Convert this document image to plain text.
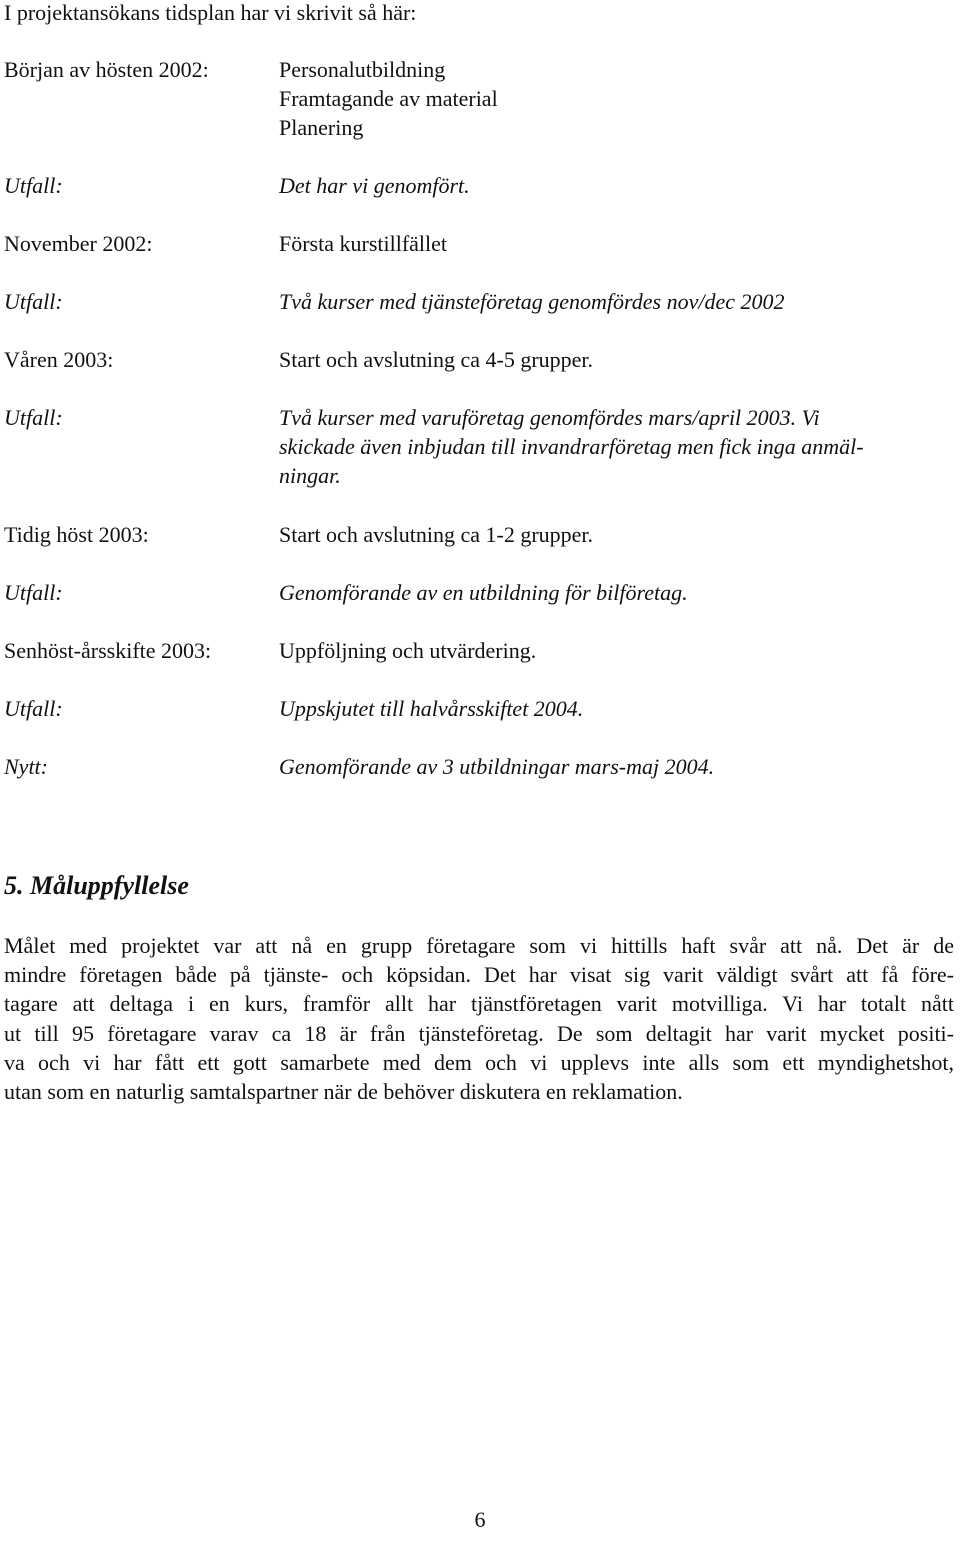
I projektansökans tidsplan har vi skrivit så här:
Början av hösten 2002:	Personalutbildning
Framtagande av material
Planering
Utfall:	Det har vi genomfört.
November 2002:	Första kurstillfället
Utfall:	Två kurser med tjänsteföretag genomfördes nov/dec 2002
Våren 2003:	Start och avslutning ca 4-5 grupper.
Utfall:	Två kurser med varuföretag genomfördes mars/april 2003. Vi
skickade även inbjudan till invandrarföretag men fick inga anmäl-
ningar.
Tidig höst 2003:	Start och avslutning ca 1-2 grupper.
Utfall:	Genomförande av en utbildning för bilföretag.
Senhöst-årsskifte 2003:	Uppföljning och utvärdering.
Utfall:	Uppskjutet till halvårsskiftet 2004.
Nytt:	Genomförande av 3 utbildningar mars-maj 2004.
5. Måluppfyllelse
Målet med projektet var att nå en grupp företagare som vi hittills haft svår att nå. Det är de
mindre företagen både på tjänste- och köpsidan. Det har visat sig varit väldigt svårt att få före-
tagare att deltaga i en kurs, framför allt har tjänstföretagen varit motvilliga. Vi har totalt nått
ut till 95 företagare varav ca 18 är från tjänsteföretag. De som deltagit har varit mycket positi-
va och vi har fått ett gott samarbete med dem och vi upplevs inte alls som ett myndighetshot,
utan som en naturlig samtalspartner när de behöver diskutera en reklamation.
6
